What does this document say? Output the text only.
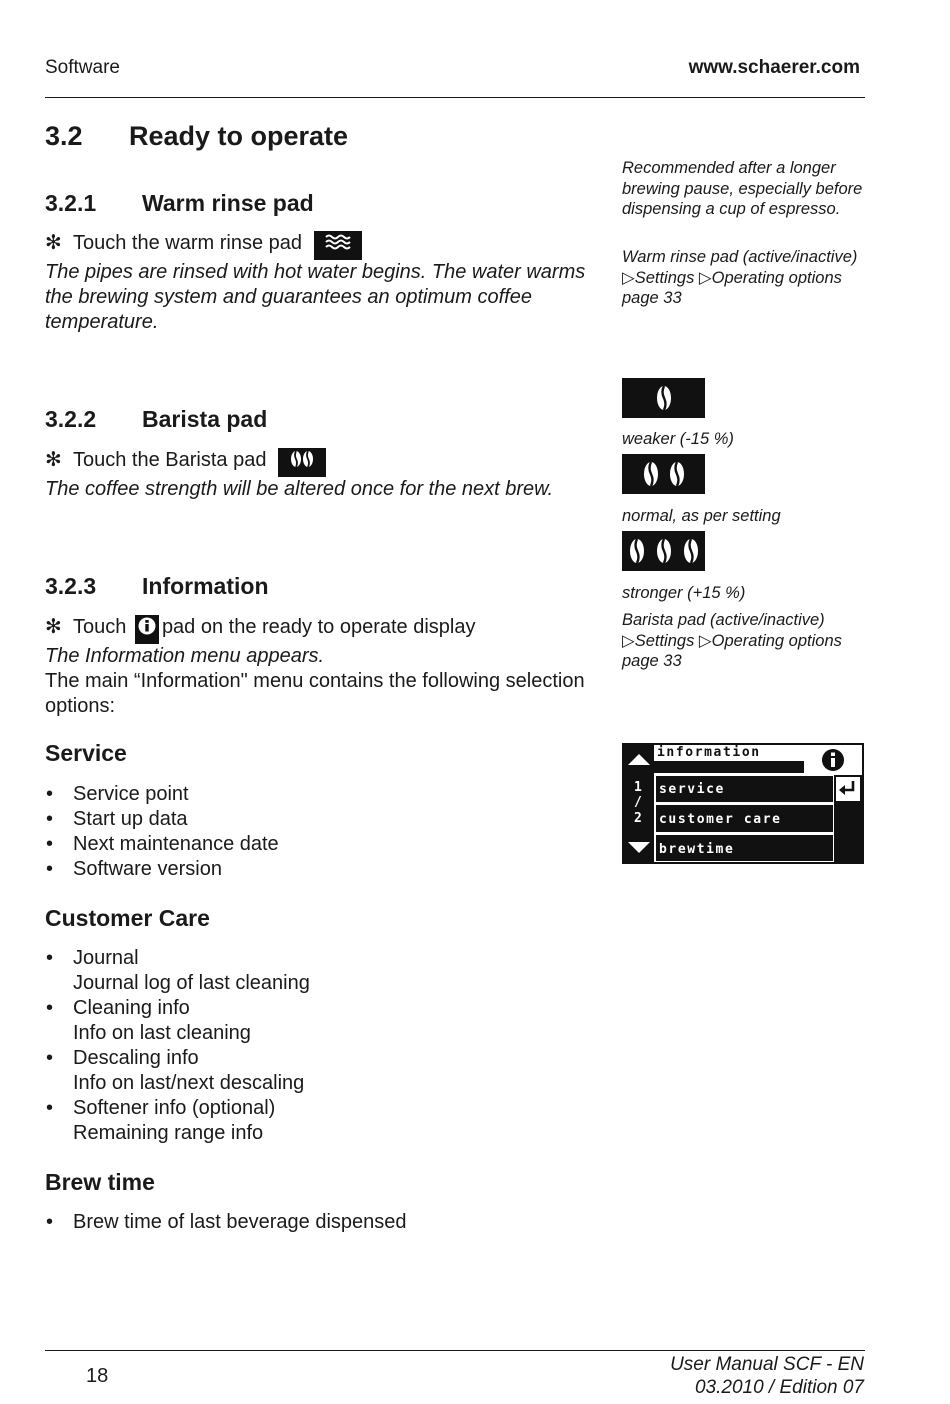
Software	www.schaerer.com
3.2 Ready to operate
3.2.1 Warm rinse pad
✻ Touch the warm rinse pad
The pipes are rinsed with hot water begins. The water warms the brewing system and guarantees an optimum coffee temperature.
3.2.2 Barista pad
✻ Touch the Barista pad
The coffee strength will be altered once for the next brew.
3.2.3 Information
✻ Touch pad on the ready to operate display
The Information menu appears.
The main “Information" menu contains the following selection options:
Service
• Service point
• Start up data
• Next maintenance date
• Software version
Customer Care
• Journal
Journal log of last cleaning
• Cleaning info
Info on last cleaning
• Descaling info
Info on last/next descaling
• Softener info (optional)
Remaining range info
Brew time
• Brew time of last beverage dispensed
Recommended after a longer brewing pause, especially before dispensing a cup of espresso.
Warm rinse pad (active/inactive)
▷Settings ▷Operating options
page 33
weaker (-15 %)
normal, as per setting
stronger (+15 %)
Barista pad (active/inactive)
▷Settings ▷Operating options
page 33
1
/
2
information
service
customer care
brewtime
18
User Manual SCF - EN
03.2010 / Edition 07
